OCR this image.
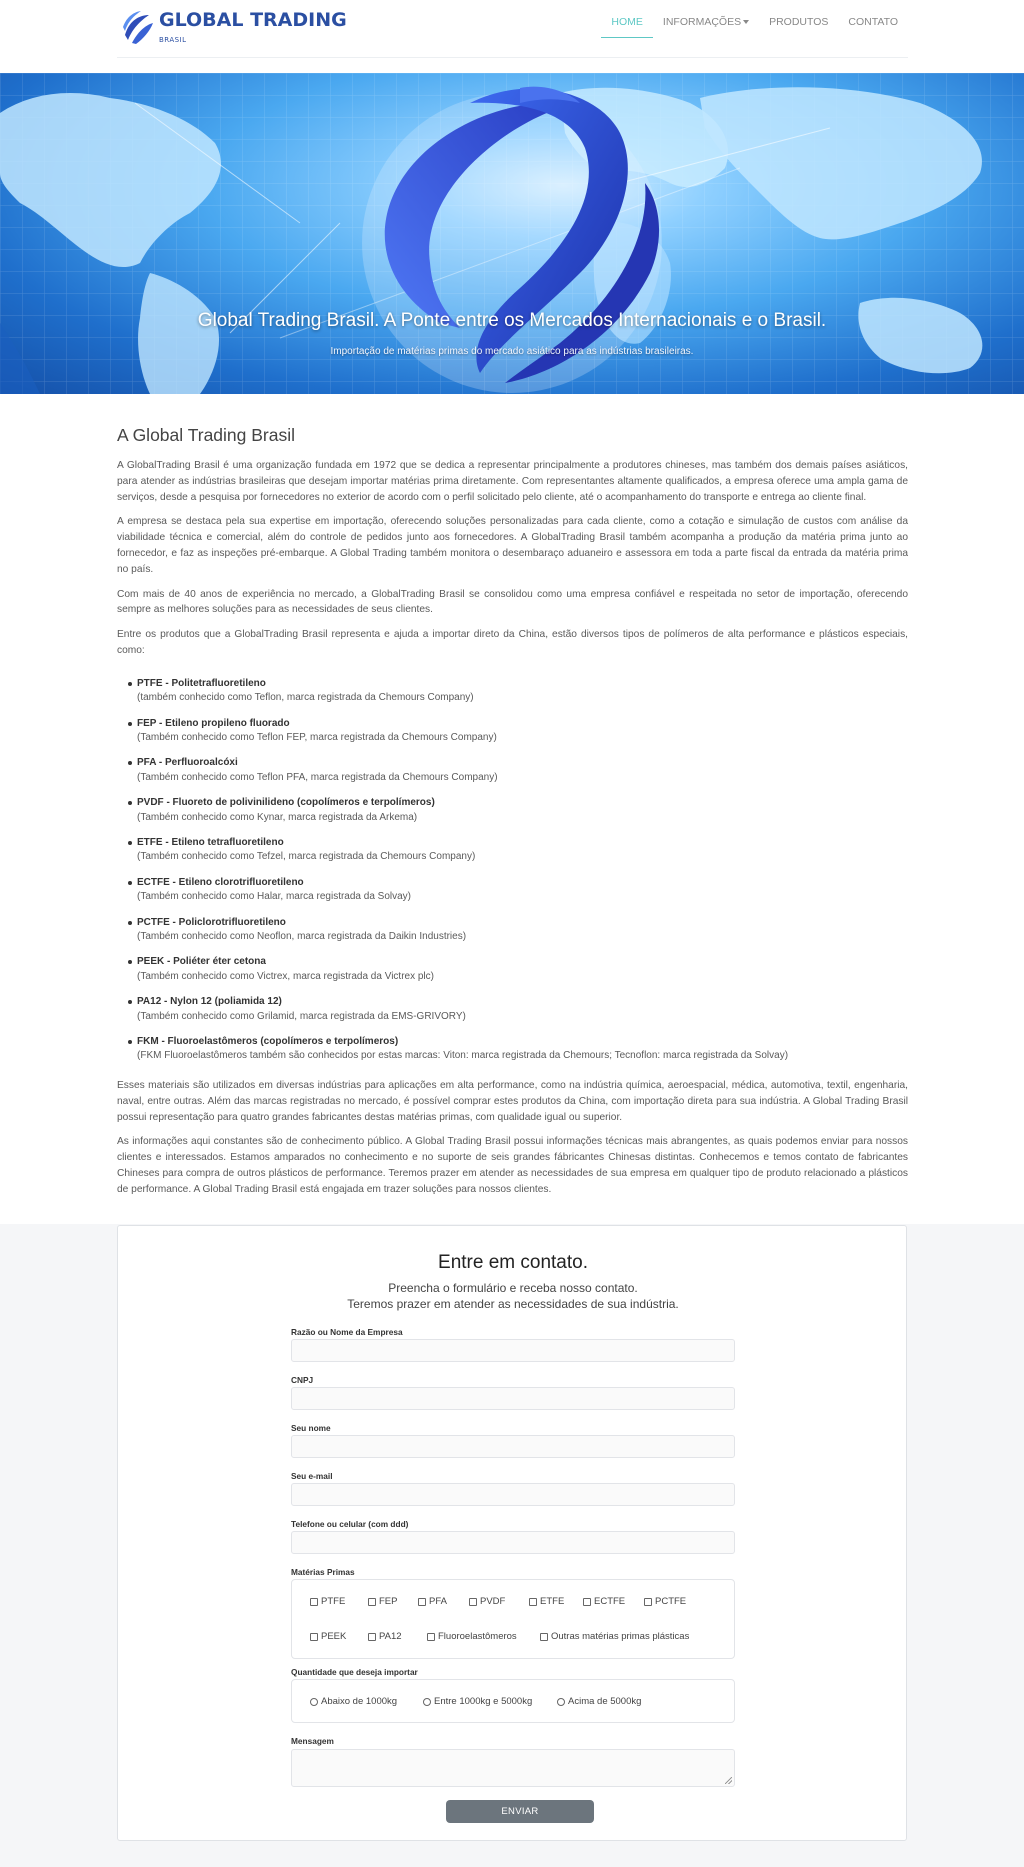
GLOBAL TRADING
BRASIL
HOME	INFORMAÇÕES	PRODUTOS	CONTATO
Global Trading Brasil. A Ponte entre os Mercados Internacionais e o Brasil.
Importação de matérias primas do mercado asiático para as indústrias brasileiras.
A Global Trading Brasil

A GlobalTrading Brasil é uma organização fundada em 1972 que se dedica a representar principalmente a produtores chineses, mas também dos demais países asiáticos, para atender as indústrias brasileiras que desejam importar matérias prima diretamente. Com representantes altamente qualificados, a empresa oferece uma ampla gama de serviços, desde a pesquisa por fornecedores no exterior de acordo com o perfil solicitado pelo cliente, até o acompanhamento do transporte e entrega ao cliente final.

A empresa se destaca pela sua expertise em importação, oferecendo soluções personalizadas para cada cliente, como a cotação e simulação de custos com análise da viabilidade técnica e comercial, além do controle de pedidos junto aos fornecedores. A GlobalTrading Brasil também acompanha a produção da matéria prima junto ao fornecedor, e faz as inspeções pré-embarque. A Global Trading também monitora o desembaraço aduaneiro e assessora em toda a parte fiscal da entrada da matéria prima no país.

Com mais de 40 anos de experiência no mercado, a GlobalTrading Brasil se consolidou como uma empresa confiável e respeitada no setor de importação, oferecendo sempre as melhores soluções para as necessidades de seus clientes.

Entre os produtos que a GlobalTrading Brasil representa e ajuda a importar direto da China, estão diversos tipos de polímeros de alta performance e plásticos especiais, como:

PTFE - Politetrafluoretileno
(também conhecido como Teflon, marca registrada da Chemours Company)
FEP - Etileno propileno fluorado
(Também conhecido como Teflon FEP, marca registrada da Chemours Company)
PFA - Perfluoroalcóxi
(Também conhecido como Teflon PFA, marca registrada da Chemours Company)
PVDF - Fluoreto de polivinilideno (copolímeros e terpolímeros)
(Também conhecido como Kynar, marca registrada da Arkema)
ETFE - Etileno tetrafluoretileno
(Também conhecido como Tefzel, marca registrada da Chemours Company)
ECTFE - Etileno clorotrifluoretileno
(Também conhecido como Halar, marca registrada da Solvay)
PCTFE - Policlorotrifluoretileno
(Também conhecido como Neoflon, marca registrada da Daikin Industries)
PEEK - Poliéter éter cetona
(Também conhecido como Victrex, marca registrada da Victrex plc)
PA12 - Nylon 12 (poliamida 12)
(Também conhecido como Grilamid, marca registrada da EMS-GRIVORY)
FKM - Fluoroelastômeros (copolímeros e terpolímeros)
(FKM Fluoroelastômeros também são conhecidos por estas marcas: Viton: marca registrada da Chemours; Tecnoflon: marca registrada da Solvay)

Esses materiais são utilizados em diversas indústrias para aplicações em alta performance, como na indústria química, aeroespacial, médica, automotiva, textil, engenharia, naval, entre outras. Além das marcas registradas no mercado, é possível comprar estes produtos da China, com importação direta para sua indústria. A Global Trading Brasil possui representação para quatro grandes fabricantes destas matérias primas, com qualidade igual ou superior.

As informações aqui constantes são de conhecimento público. A Global Trading Brasil possui informações técnicas mais abrangentes, as quais podemos enviar para nossos clientes e interessados. Estamos amparados no conhecimento e no suporte de seis grandes fábricantes Chinesas distintas. Conhecemos e temos contato de fabricantes Chineses para compra de outros plásticos de performance. Teremos prazer em atender as necessidades de sua empresa em qualquer tipo de produto relacionado a plásticos de performance. A Global Trading Brasil está engajada em trazer soluções para nossos clientes.

Entre em contato.
Preencha o formulário e receba nosso contato.
Teremos prazer em atender as necessidades de sua indústria.
Razão ou Nome da Empresa
CNPJ
Seu nome
Seu e-mail
Telefone ou celular (com ddd)
Matérias Primas
PTFE	FEP	PFA	PVDF	ETFE	ECTFE	PCTFE
PEEK	PA12	Fluoroelastômeros	Outras matérias primas plásticas
Quantidade que deseja importar
Abaixo de 1000kg	Entre 1000kg e 5000kg	Acima de 5000kg
Mensagem
ENVIAR
